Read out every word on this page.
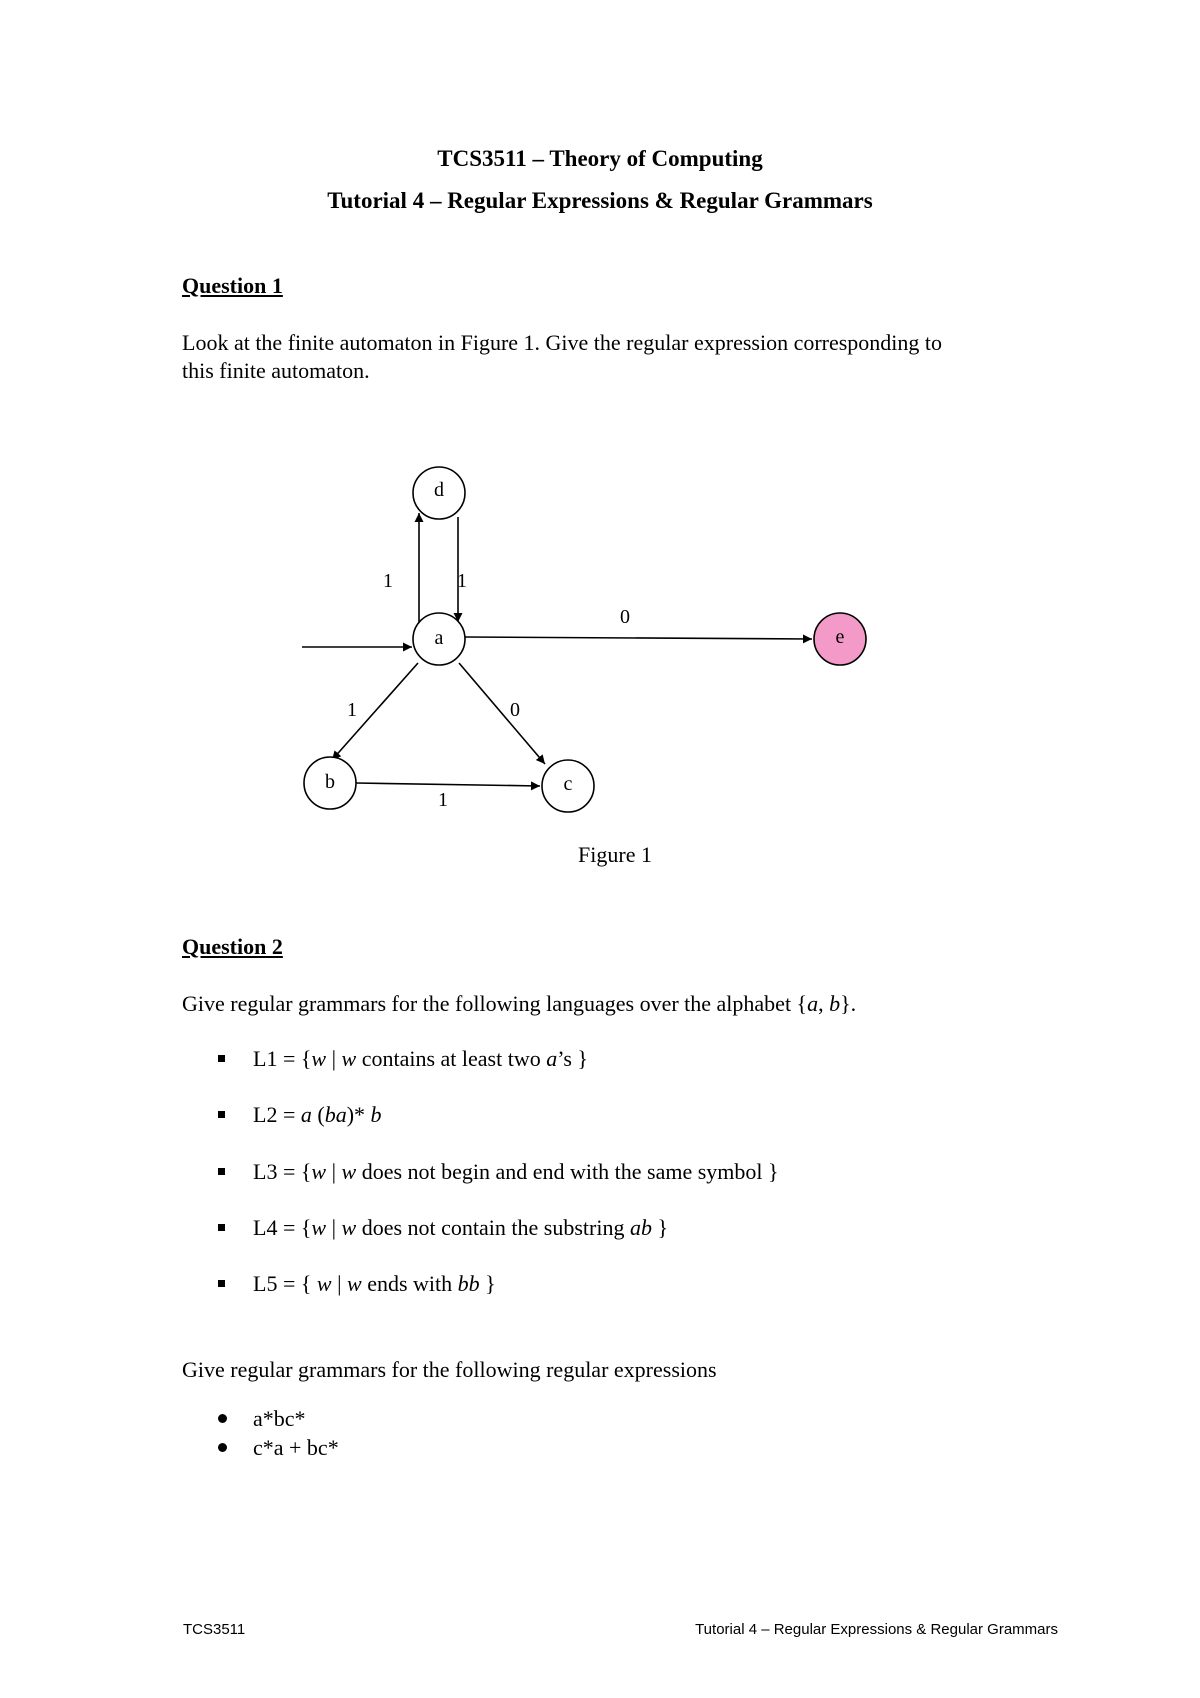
TCS3511 – Theory of Computing
Tutorial 4 – Regular Expressions & Regular Grammars
Question 1
Look at the finite automaton in Figure 1. Give the regular expression corresponding to
this finite automaton.
1	1
0
1	0
1
d
a	e
b	c
Figure 1
Question 2
Give regular grammars for the following languages over the alphabet {a, b}.
L1 = {w | w contains at least two a’s }
L2 = a (ba)* b
L3 = {w | w does not begin and end with the same symbol }
L4 = {w | w does not contain the substring ab }
L5 = { w | w ends with bb }
Give regular grammars for the following regular expressions
a*bc*
c*a + bc*
TCS3511	Tutorial 4 – Regular Expressions & Regular Grammars
